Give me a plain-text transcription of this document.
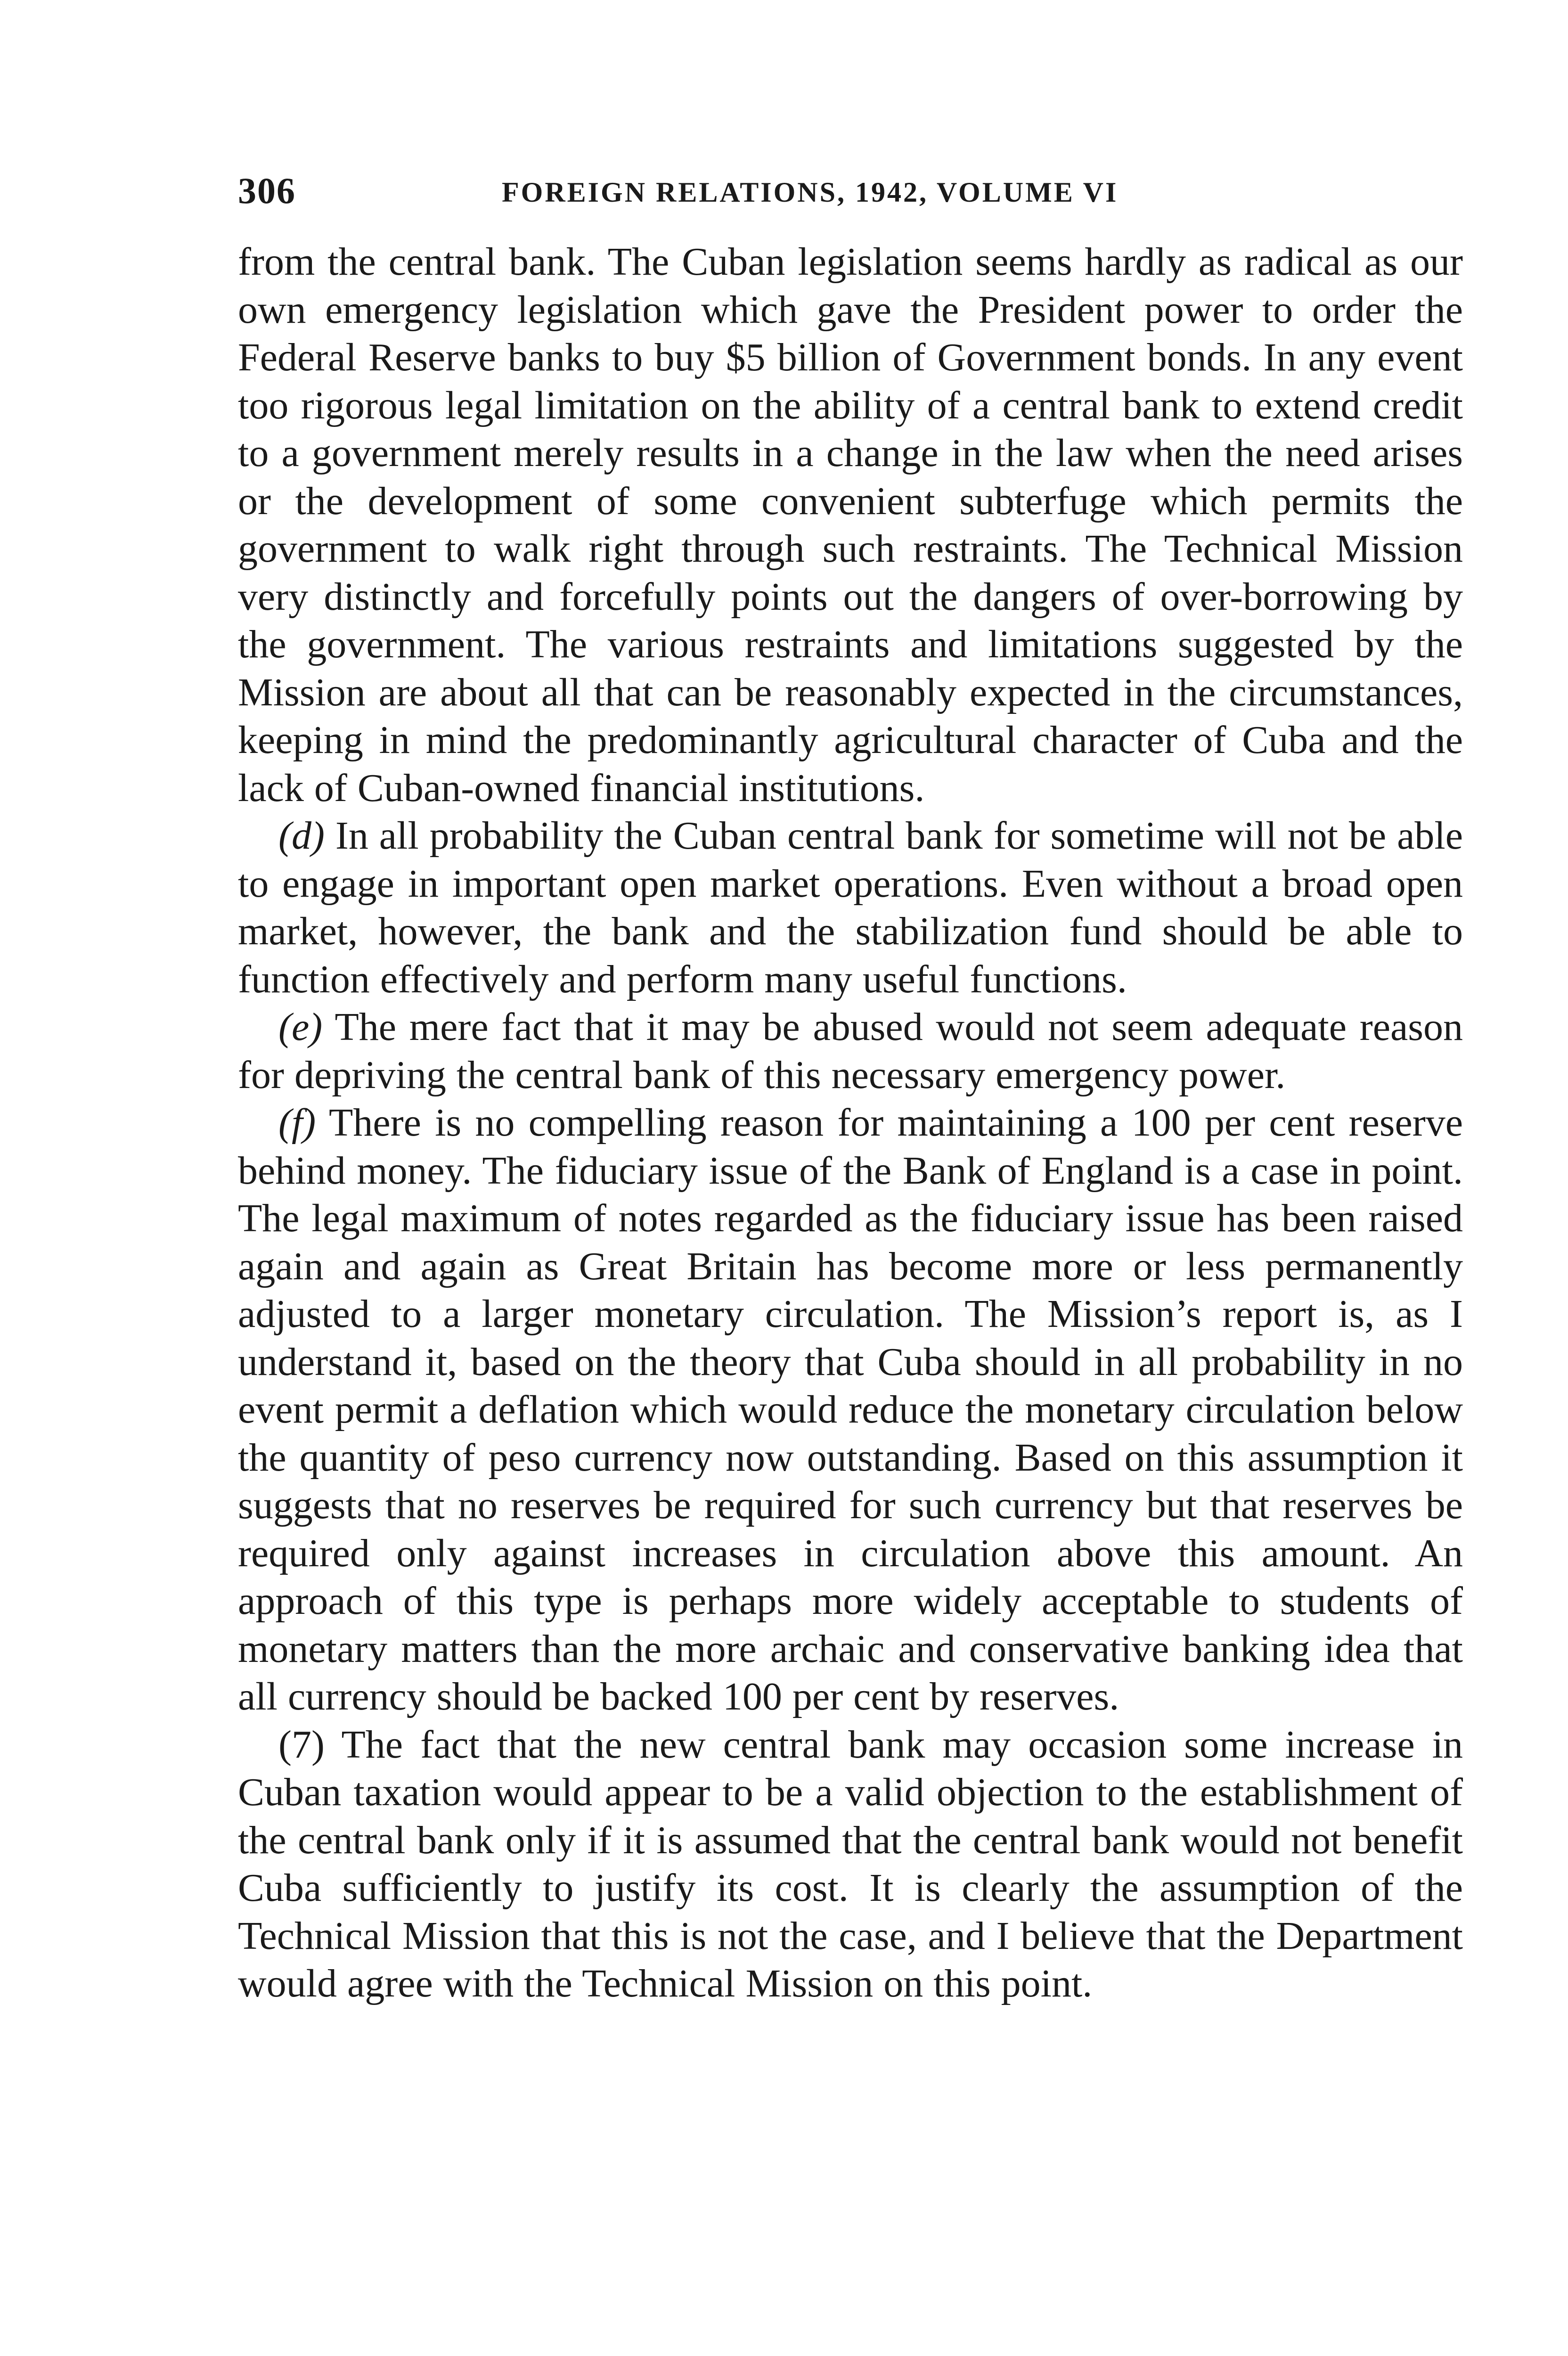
306	FOREIGN RELATIONS, 1942, VOLUME VI

from the central bank. The Cuban legislation seems hardly as radical as our own emergency legislation which gave the President power to order the Federal Reserve banks to buy $5 billion of Government bonds. In any event too rigorous legal limitation on the ability of a central bank to extend credit to a government merely results in a change in the law when the need arises or the development of some convenient subterfuge which permits the government to walk right through such restraints. The Technical Mission very distinctly and forcefully points out the dangers of over-borrowing by the government. The various restraints and limitations suggested by the Mission are about all that can be reasonably expected in the circumstances, keeping in mind the predominantly agricultural character of Cuba and the lack of Cuban-owned financial institutions.

(d) In all probability the Cuban central bank for sometime will not be able to engage in important open market operations. Even without a broad open market, however, the bank and the stabilization fund should be able to function effectively and perform many useful functions.

(e) The mere fact that it may be abused would not seem adequate reason for depriving the central bank of this necessary emergency power.

(f) There is no compelling reason for maintaining a 100 per cent reserve behind money. The fiduciary issue of the Bank of England is a case in point. The legal maximum of notes regarded as the fiduciary issue has been raised again and again as Great Britain has become more or less permanently adjusted to a larger monetary circulation. The Mission’s report is, as I understand it, based on the theory that Cuba should in all probability in no event permit a deflation which would reduce the monetary circulation below the quantity of peso currency now outstanding. Based on this assumption it suggests that no reserves be required for such currency but that reserves be required only against increases in circulation above this amount. An approach of this type is perhaps more widely acceptable to students of monetary matters than the more archaic and conservative banking idea that all currency should be backed 100 per cent by reserves.

(7) The fact that the new central bank may occasion some increase in Cuban taxation would appear to be a valid objection to the establishment of the central bank only if it is assumed that the central bank would not benefit Cuba sufficiently to justify its cost. It is clearly the assumption of the Technical Mission that this is not the case, and I believe that the Department would agree with the Technical Mission on this point.
